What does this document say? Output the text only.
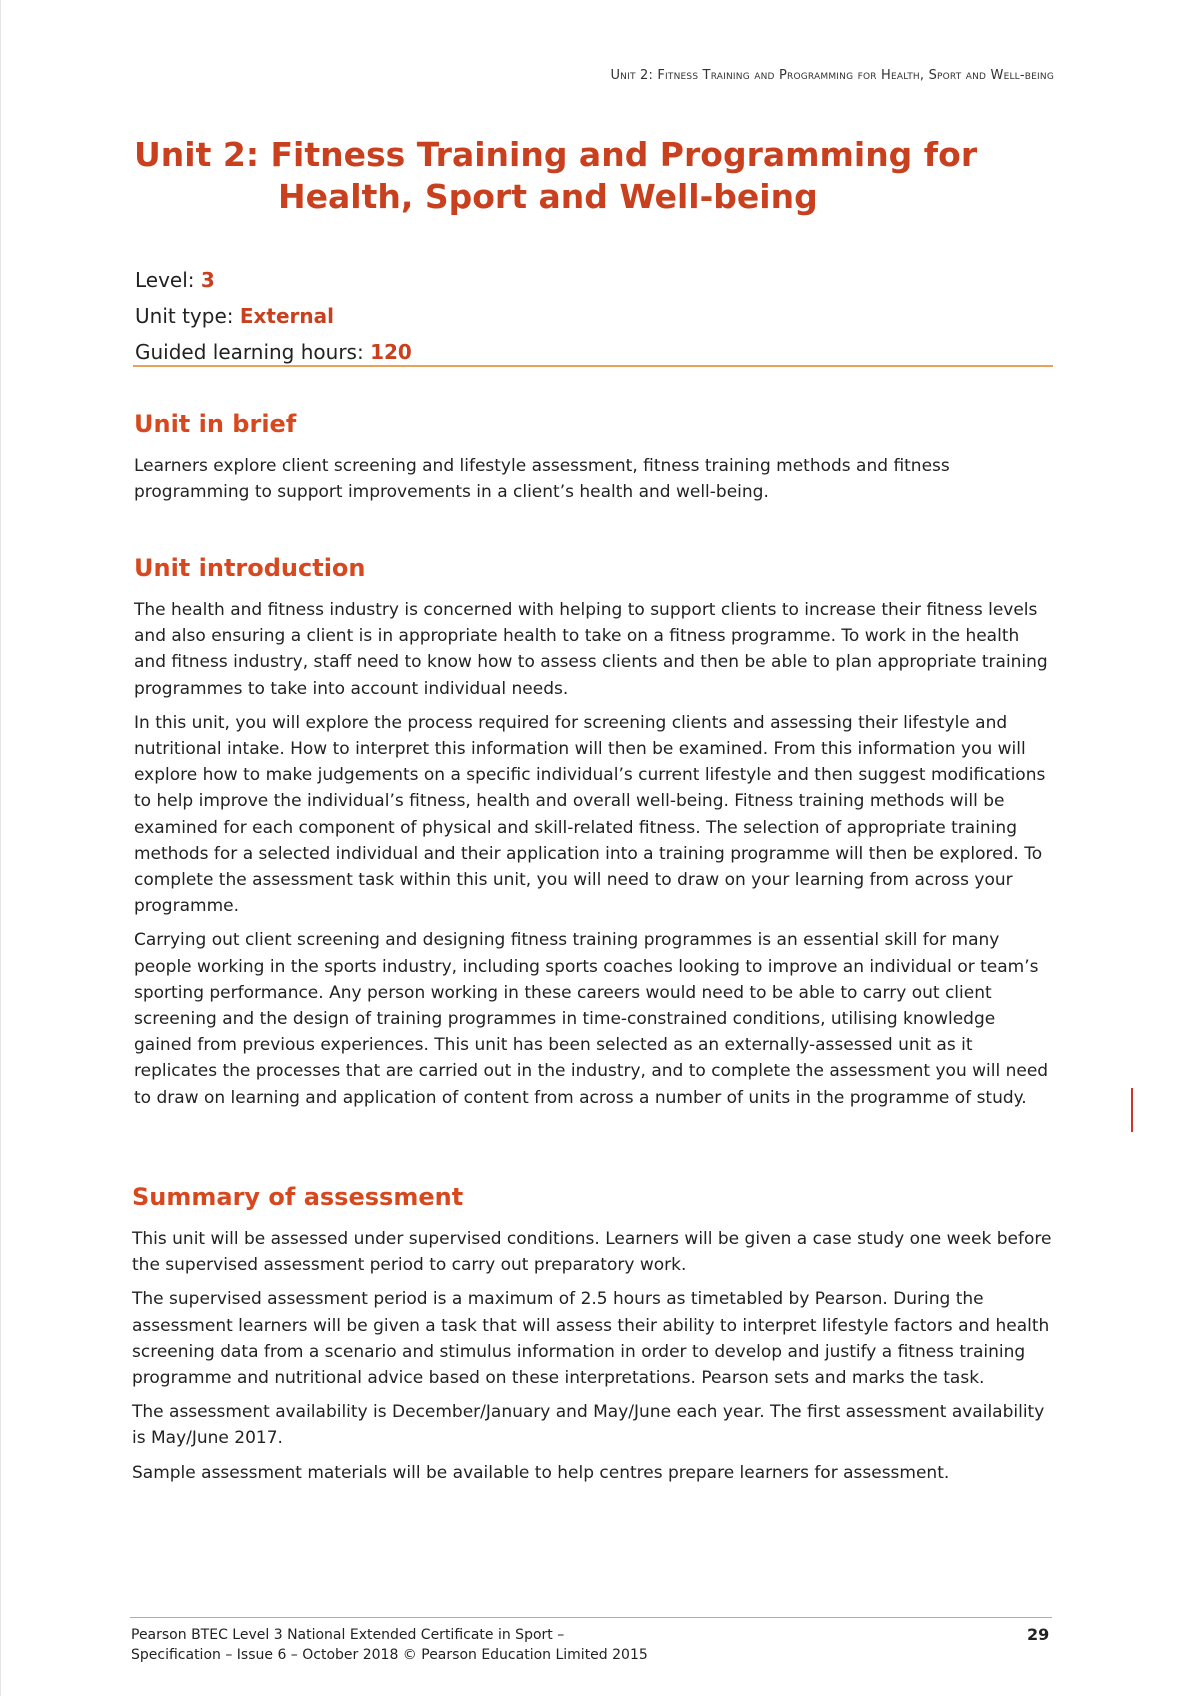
Unit 2: Fitness Training and Programming for Health, Sport and Well-being
Unit 2: Fitness Training and Programming for
Health, Sport and Well-being
Level: 3
Unit type: External
Guided learning hours: 120
Unit in brief

Learners explore client screening and lifestyle assessment, fitness training methods and fitness programming to support improvements in a client’s health and well-being.

Unit introduction

The health and fitness industry is concerned with helping to support clients to increase their fitness levels and also ensuring a client is in appropriate health to take on a fitness programme. To work in the health and fitness industry, staff need to know how to assess clients and then be able to plan appropriate training programmes to take into account individual needs.

In this unit, you will explore the process required for screening clients and assessing their lifestyle and nutritional intake. How to interpret this information will then be examined. From this information you will explore how to make judgements on a specific individual’s current lifestyle and then suggest modifications to help improve the individual’s fitness, health and overall well-being. Fitness training methods will be examined for each component of physical and skill-related fitness. The selection of appropriate training methods for a selected individual and their application into a training programme will then be explored. To complete the assessment task within this unit, you will need to draw on your learning from across your programme.

Carrying out client screening and designing fitness training programmes is an essential skill for many people working in the sports industry, including sports coaches looking to improve an individual or team’s sporting performance. Any person working in these careers would need to be able to carry out client screening and the design of training programmes in time-constrained conditions, utilising knowledge gained from previous experiences. This unit has been selected as an externally-assessed unit as it replicates the processes that are carried out in the industry, and to complete the assessment you will need to draw on learning and application of content from across a number of units in the programme of study.

Summary of assessment

This unit will be assessed under supervised conditions. Learners will be given a case study one week before the supervised assessment period to carry out preparatory work.

The supervised assessment period is a maximum of 2.5 hours as timetabled by Pearson. During the assessment learners will be given a task that will assess their ability to interpret lifestyle factors and health screening data from a scenario and stimulus information in order to develop and justify a fitness training programme and nutritional advice based on these interpretations. Pearson sets and marks the task.

The assessment availability is December/January and May/June each year. The first assessment availability is May/June 2017.

Sample assessment materials will be available to help centres prepare learners for assessment.

Pearson BTEC Level 3 National Extended Certificate in Sport –
Specification – Issue 6 – October 2018 © Pearson Education Limited 2015
29
